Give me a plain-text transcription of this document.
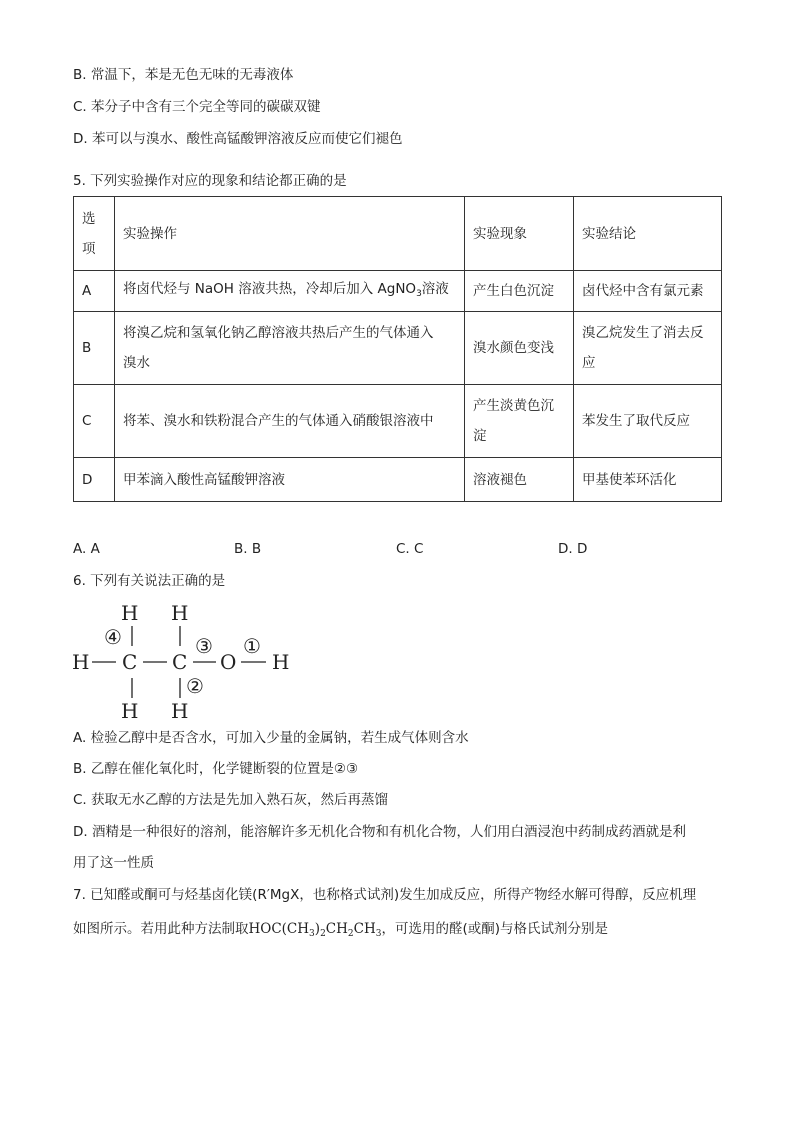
B. 常温下，苯是无色无味的无毒液体
C. 苯分子中含有三个完全等同的碳碳双键
D. 苯可以与溴水、酸性高锰酸钾溶液反应而使它们褪色
5. 下列实验操作对应的现象和结论都正确的是
选项	实验操作	实验现象	实验结论
A	将卤代烃与 NaOH 溶液共热，冷却后加入 AgNO$_3$溶液	产生白色沉淀	卤代烃中含有氯元素
B	将溴乙烷和氢氧化钠乙醇溶液共热后产生的气体通入溴水	溴水颜色变浅	溴乙烷发生了消去反应

C	将苯、溴水和铁粉混合产生的气体通入硝酸银溶液中	产生淡黄色沉淀	苯发生了取代反应
D	甲苯滴入酸性高锰酸钾溶液	溶液褪色	甲基使苯环活化
A. A	B. B	C. C	D. D
6. 下列有关说法正确的是
H H
H H
H C C O H
④	③ ①
②
A. 检验乙醇中是否含水，可加入少量的金属钠，若生成气体则含水
B. 乙醇在催化氧化时，化学键断裂的位置是②③
C. 获取无水乙醇的方法是先加入熟石灰，然后再蒸馏
D. 酒精是一种很好的溶剂，能溶解许多无机化合物和有机化合物，人们用白酒浸泡中药制成药酒就是利
用了这一性质
7. 已知醛或酮可与烃基卤化镁(R′MgX，也称格式试剂)发生加成反应，所得产物经水解可得醇，反应机理
如图所示。若用此种方法制取$HOC(CH_3)_2CH_2CH_3$，可选用的醛(或酮)与格氏试剂分别是
